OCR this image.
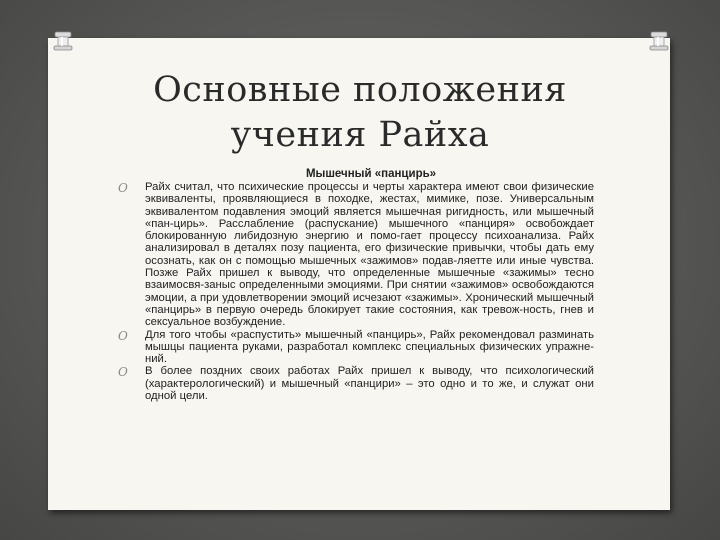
Основные положения
учения Райха
Мышечный «панцирь»
O Райх считал, что психические процессы и черты характера имеют свои физические эквиваленты, проявляющиеся в походке, жестах, мимике, позе. Универсальным эквивалентом подавления эмоций является мышечная ригидность, или мышечный «пан-цирь». Расслабление (распускание) мышечного «панциря» освобождает блокированную либидозную энергию и помо-гает процессу психоанализа. Райх анализировал в деталях позу пациента, его физические привычки, чтобы дать ему осознать, как он с помощью мышечных «зажимов» подав-ляетте или иные чувства. Позже Райх пришел к выводу, что определенные мышечные «зажимы» тесно взаимосвя-заныс определенными эмоциями. При снятии «зажимов» освобождаются эмоции, а при удовлетворении эмоций исчезают «зажимы». Хронический мышечный «панцирь» в первую очередь блокирует такие состояния, как тревож-ность, гнев и сексуальное возбуждение.
O Для того чтобы «распустить» мышечный «панцирь», Райх рекомендовал разминать мышцы пациента руками, разработал комплекс специальных физических упражне-ний.
O В более поздних своих работах Райх пришел к выводу, что психологический (характерологический) и мышечный «панцири» – это одно и то же, и служат они одной цели.
